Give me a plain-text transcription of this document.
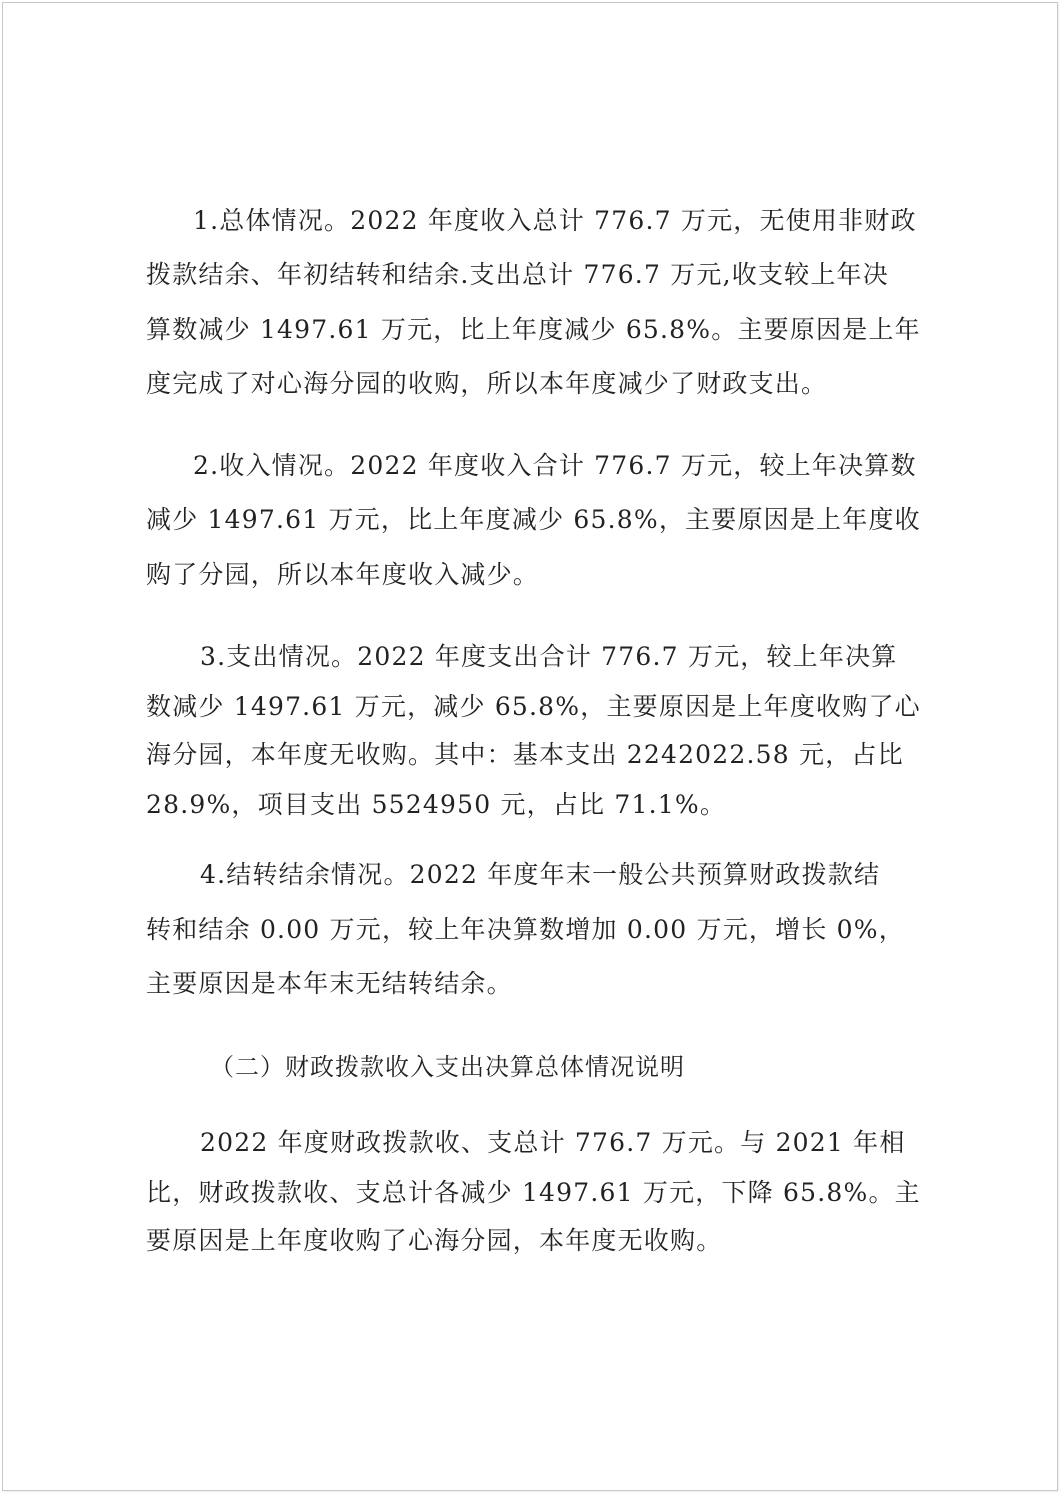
1.总体情况。2022 年度收入总计 776.7 万元，无使用非财政
拨款结余、年初结转和结余.支出总计 776.7 万元,收支较上年决
算数减少 1497.61 万元，比上年度减少 65.8%。主要原因是上年
度完成了对心海分园的收购，所以本年度减少了财政支出。
2.收入情况。2022 年度收入合计 776.7 万元，较上年决算数
减少 1497.61 万元，比上年度减少 65.8%，主要原因是上年度收
购了分园，所以本年度收入减少。
3.支出情况。2022 年度支出合计 776.7 万元，较上年决算
数减少 1497.61 万元，减少 65.8%，主要原因是上年度收购了心
海分园，本年度无收购。其中：基本支出 2242022.58 元，占比
28.9%，项目支出 5524950 元，占比 71.1%。
4.结转结余情况。2022 年度年末一般公共预算财政拨款结
转和结余 0.00 万元，较上年决算数增加 0.00 万元，增长 0%，
主要原因是本年末无结转结余。
（二）财政拨款收入支出决算总体情况说明
2022 年度财政拨款收、支总计 776.7 万元。与 2021 年相
比，财政拨款收、支总计各减少 1497.61 万元，下降 65.8%。主
要原因是上年度收购了心海分园，本年度无收购。
